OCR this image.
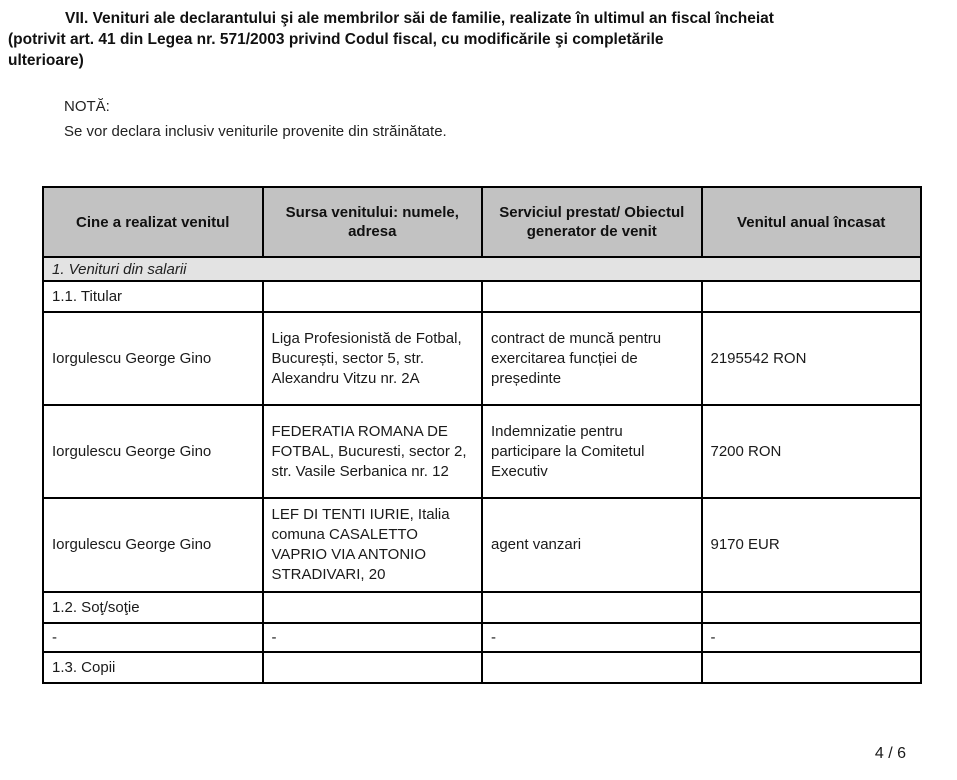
VII. Venituri ale declarantului şi ale membrilor săi de familie, realizate în ultimul an fiscal încheiat
(potrivit art. 41 din Legea nr. 571/2003 privind Codul fiscal, cu modificările şi completările
ulterioare)
NOTĂ:
Se vor declara inclusiv veniturile provenite din străinătate.
Cine a realizat venitul	Sursa venitului: numele, adresa	Serviciul prestat/ Obiectul generator de venit	Venitul anual încasat
1. Venituri din salarii			
1.1. Titular			
Iorgulescu George Gino	Liga Profesionistă de Fotbal, București, sector 5, str. Alexandru Vitzu nr. 2A	contract de muncă pentru exercitarea funcției de președinte	2195542 RON
Iorgulescu George Gino	FEDERATIA ROMANA DE FOTBAL, Bucuresti, sector 2, str. Vasile Serbanica nr. 12	Indemnizatie pentru participare la Comitetul Executiv	7200 RON
Iorgulescu George Gino	LEF DI TENTI IURIE, Italia comuna CASALETTO VAPRIO VIA ANTONIO STRADIVARI, 20	agent vanzari	9170 EUR
1.2. Soţ/soţie			
-	-	-	-
1.3. Copii			
4 / 6
